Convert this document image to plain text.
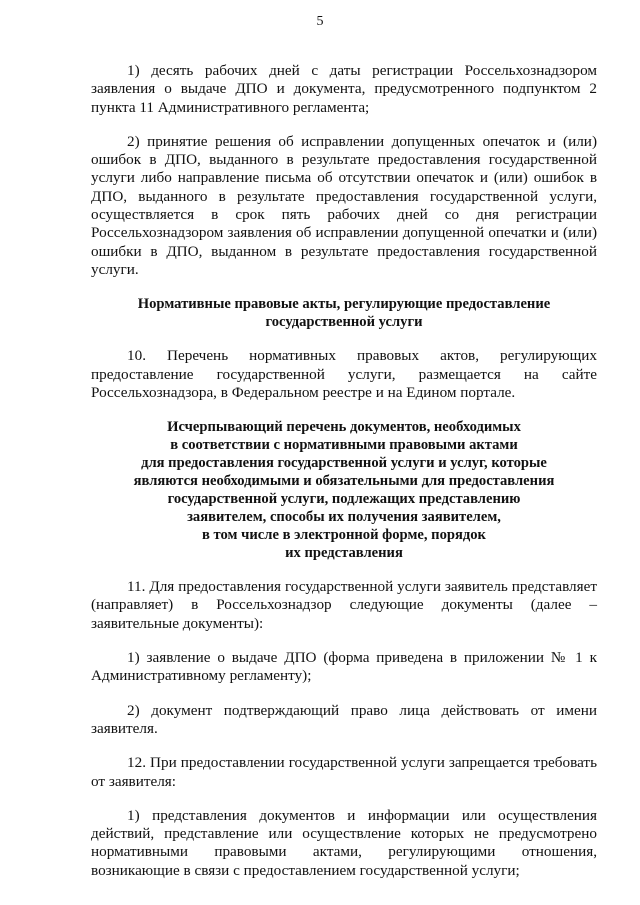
5

1) десять рабочих дней с даты регистрации Россельхознадзором заявления о выдаче ДПО и документа, предусмотренного подпунктом 2 пункта 11 Административного регламента;

2) принятие решения об исправлении допущенных опечаток и (или) ошибок в ДПО, выданного в результате предоставления государственной услуги либо направление письма об отсутствии опечаток и (или) ошибок в ДПО, выданного в результате предоставления государственной услуги, осуществляется в срок пять рабочих дней со дня регистрации Россельхознадзором заявления об исправлении допущенной опечатки и (или) ошибки в ДПО, выданном в результате предоставления государственной услуги.

Нормативные правовые акты, регулирующие предоставление
государственной услуги

10. Перечень нормативных правовых актов, регулирующих предоставление государственной услуги, размещается на сайте Россельхознадзора, в Федеральном реестре и на Едином портале.

Исчерпывающий перечень документов, необходимых
в соответствии с нормативными правовыми актами
для предоставления государственной услуги и услуг, которые
являются необходимыми и обязательными для предоставления
государственной услуги, подлежащих представлению
заявителем, способы их получения заявителем,
в том числе в электронной форме, порядок
их представления

11. Для предоставления государственной услуги заявитель представляет (направляет) в Россельхознадзор следующие документы (далее – заявительные документы):

1) заявление о выдаче ДПО (форма приведена в приложении № 1 к Административному регламенту);

2) документ подтверждающий право лица действовать от имени заявителя.

12. При предоставлении государственной услуги запрещается требовать от заявителя:

1) представления документов и информации или осуществления действий, представление или осуществление которых не предусмотрено нормативными правовыми актами, регулирующими отношения, возникающие в связи с предоставлением государственной услуги;
